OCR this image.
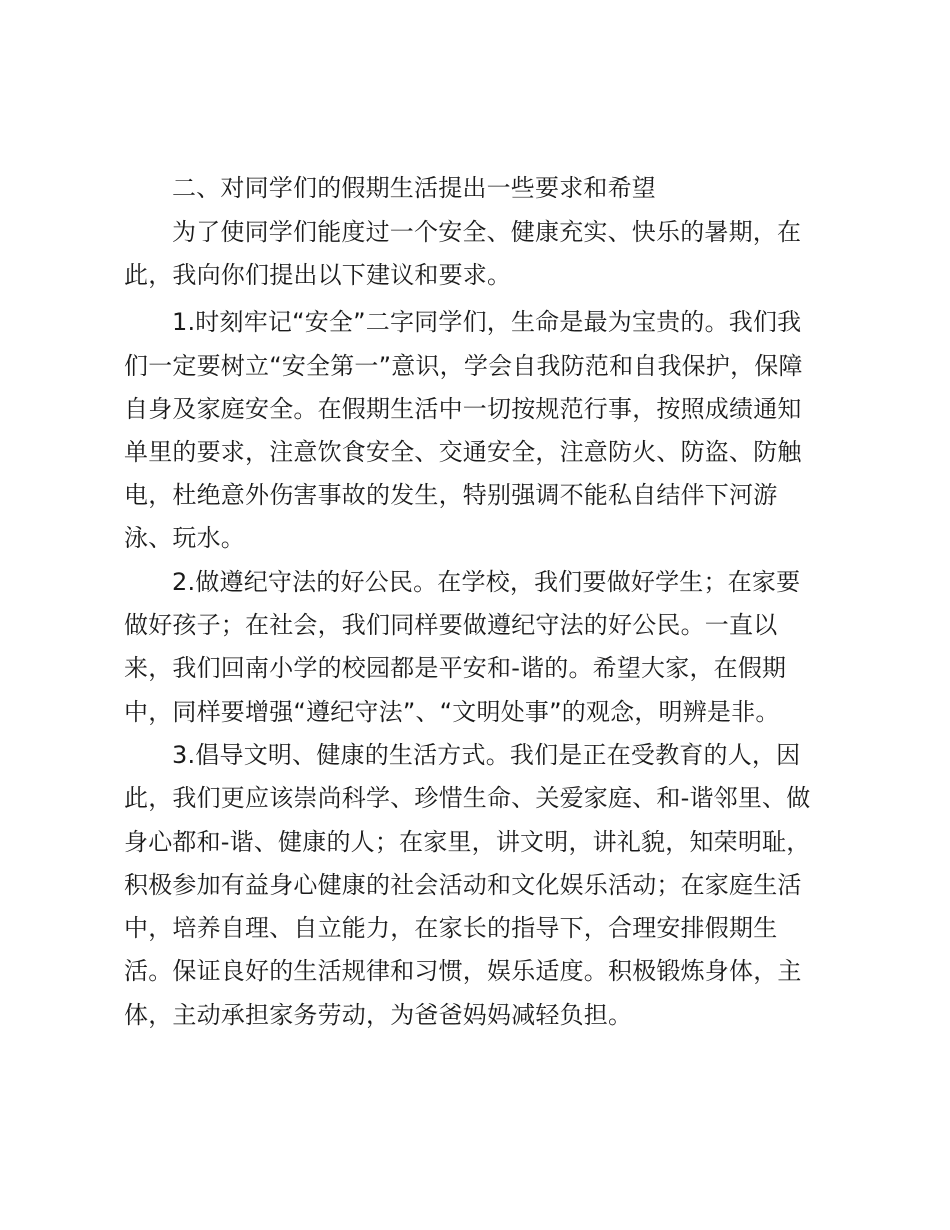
二、对同学们的假期生活提出一些要求和希望
为了使同学们能度过一个安全、健康充实、快乐的暑期，在
此，我向你们提出以下建议和要求。
1.时刻牢记“安全”二字同学们，生命是最为宝贵的。我们我
们一定要树立“安全第一”意识，学会自我防范和自我保护，保障
自身及家庭安全。在假期生活中一切按规范行事，按照成绩通知
单里的要求，注意饮食安全、交通安全，注意防火、防盗、防触
电，杜绝意外伤害事故的发生，特别强调不能私自结伴下河游
泳、玩水。
2.做遵纪守法的好公民。在学校，我们要做好学生；在家要
做好孩子；在社会，我们同样要做遵纪守法的好公民。一直以
来，我们回南小学的校园都是平安和-谐的。希望大家，在假期
中，同样要增强“遵纪守法”、“文明处事”的观念，明辨是非。
3.倡导文明、健康的生活方式。我们是正在受教育的人，因
此，我们更应该崇尚科学、珍惜生命、关爱家庭、和-谐邻里、做
身心都和-谐、健康的人；在家里，讲文明，讲礼貌，知荣明耻，
积极参加有益身心健康的社会活动和文化娱乐活动；在家庭生活
中，培养自理、自立能力，在家长的指导下，合理安排假期生
活。保证良好的生活规律和习惯，娱乐适度。积极锻炼身体，主
体，主动承担家务劳动，为爸爸妈妈减轻负担。
